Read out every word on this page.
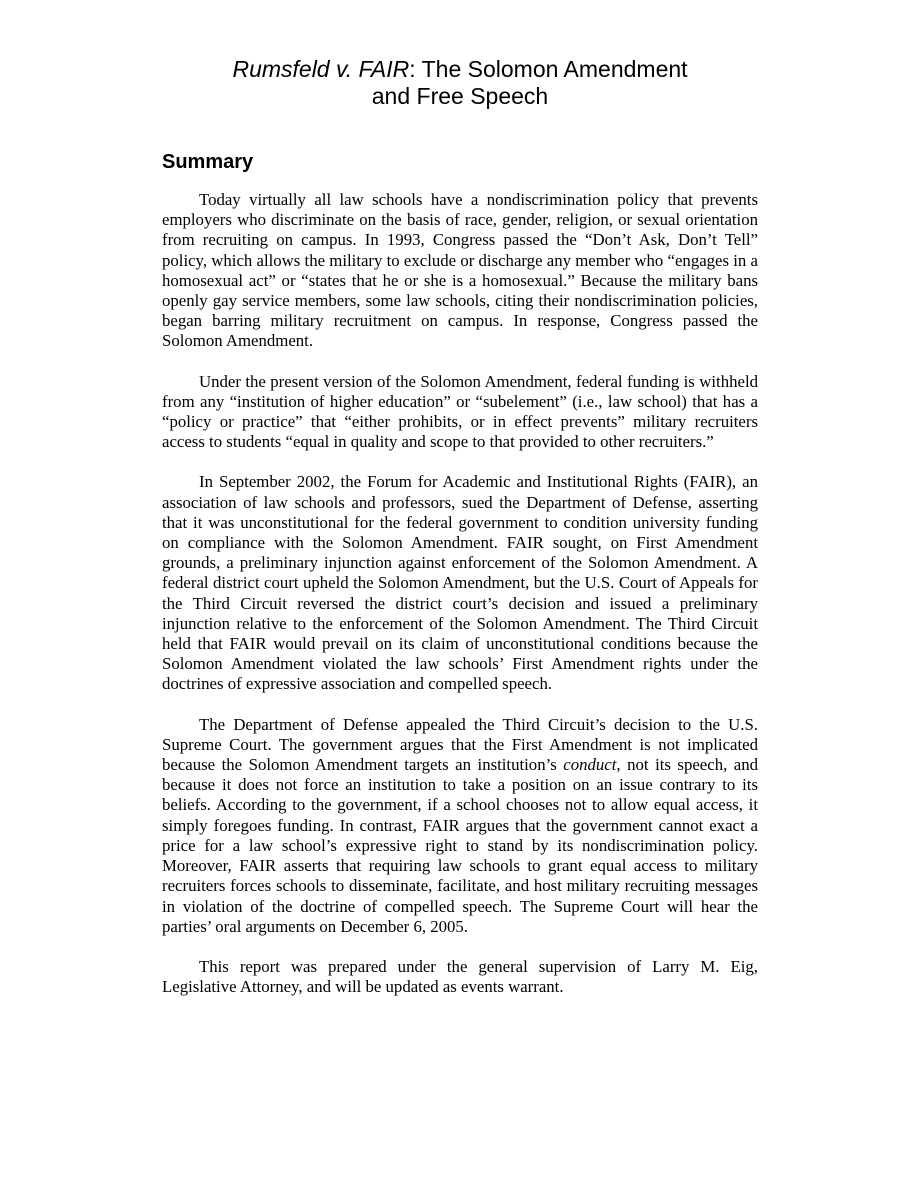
Rumsfeld v. FAIR: The Solomon Amendment
and Free Speech
Summary

Today virtually all law schools have a nondiscrimination policy that prevents employers who discriminate on the basis of race, gender, religion, or sexual orientation from recruiting on campus. In 1993, Congress passed the “Don’t Ask, Don’t Tell” policy, which allows the military to exclude or discharge any member who “engages in a homosexual act” or “states that he or she is a homosexual.” Because the military bans openly gay service members, some law schools, citing their nondiscrimination policies, began barring military recruitment on campus. In response, Congress passed the Solomon Amendment.

Under the present version of the Solomon Amendment, federal funding is withheld from any “institution of higher education” or “subelement” (i.e., law school) that has a “policy or practice” that “either prohibits, or in effect prevents” military recruiters access to students “equal in quality and scope to that provided to other recruiters.”

In September 2002, the Forum for Academic and Institutional Rights (FAIR), an association of law schools and professors, sued the Department of Defense, asserting that it was unconstitutional for the federal government to condition university funding on compliance with the Solomon Amendment. FAIR sought, on First Amendment grounds, a preliminary injunction against enforcement of the Solomon Amendment. A federal district court upheld the Solomon Amendment, but the U.S. Court of Appeals for the Third Circuit reversed the district court’s decision and issued a preliminary injunction relative to the enforcement of the Solomon Amendment. The Third Circuit held that FAIR would prevail on its claim of unconstitutional conditions because the Solomon Amendment violated the law schools’ First Amendment rights under the doctrines of expressive association and compelled speech.

The Department of Defense appealed the Third Circuit’s decision to the U.S. Supreme Court. The government argues that the First Amendment is not implicated because the Solomon Amendment targets an institution’s conduct, not its speech, and because it does not force an institution to take a position on an issue contrary to its beliefs. According to the government, if a school chooses not to allow equal access, it simply foregoes funding. In contrast, FAIR argues that the government cannot exact a price for a law school’s expressive right to stand by its nondiscrimination policy. Moreover, FAIR asserts that requiring law schools to grant equal access to military recruiters forces schools to disseminate, facilitate, and host military recruiting messages in violation of the doctrine of compelled speech. The Supreme Court will hear the parties’ oral arguments on December 6, 2005.

This report was prepared under the general supervision of Larry M. Eig, Legislative Attorney, and will be updated as events warrant.
